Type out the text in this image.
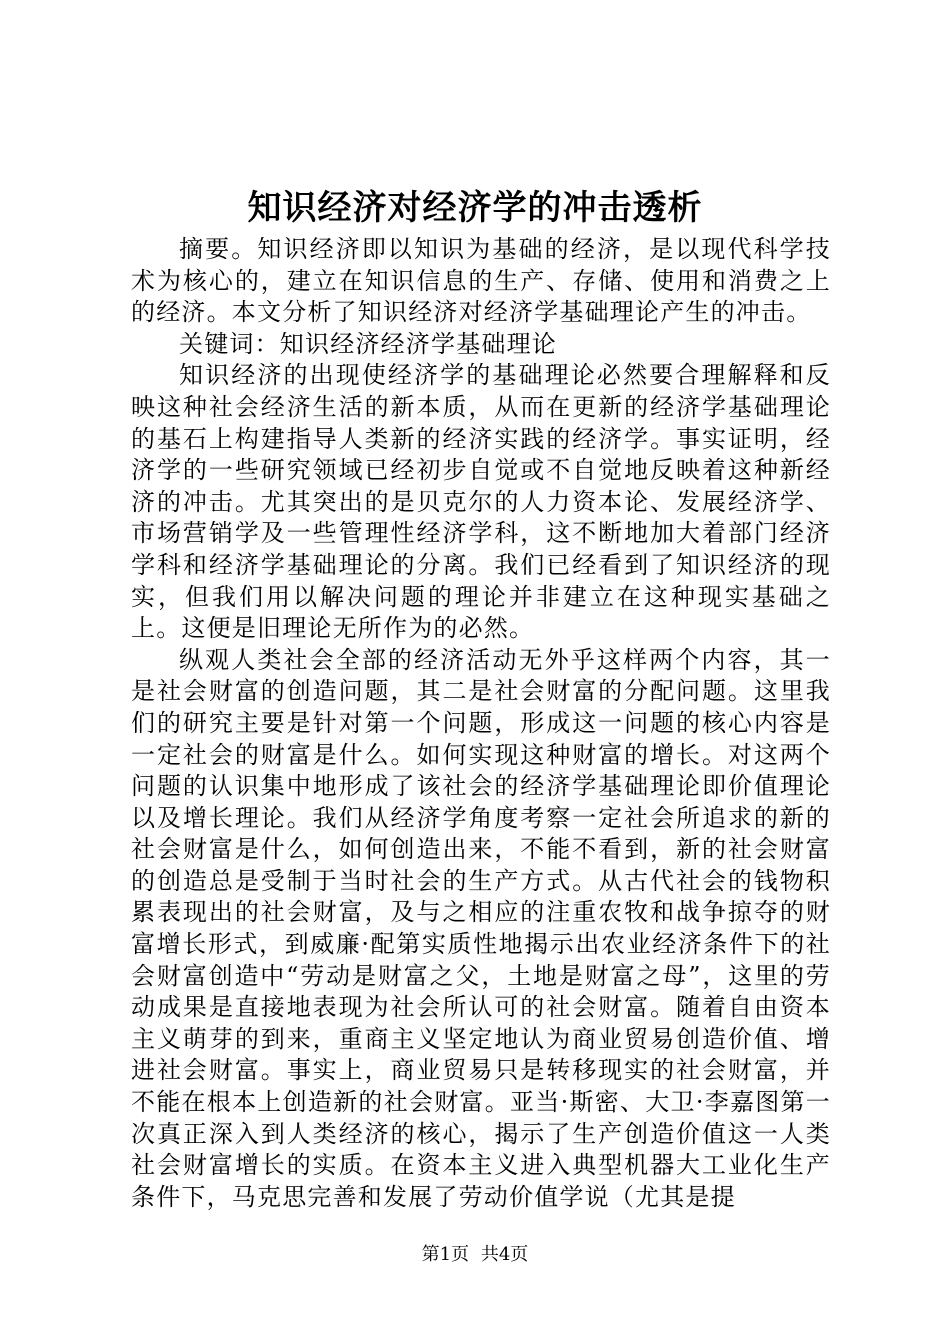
知识经济对经济学的冲击透析

摘要。知识经济即以知识为基础的经济，是以现代科学技术为核心的，建立在知识信息的生产、存储、使用和消费之上的经济。本文分析了知识经济对经济学基础理论产生的冲击。

关键词：知识经济经济学基础理论

知识经济的出现使经济学的基础理论必然要合理解释和反映这种社会经济生活的新本质，从而在更新的经济学基础理论的基石上构建指导人类新的经济实践的经济学。事实证明，经济学的一些研究领域已经初步自觉或不自觉地反映着这种新经济的冲击。尤其突出的是贝克尔的人力资本论、发展经济学、市场营销学及一些管理性经济学科，这不断地加大着部门经济学科和经济学基础理论的分离。我们已经看到了知识经济的现实，但我们用以解决问题的理论并非建立在这种现实基础之上。这便是旧理论无所作为的必然。

纵观人类社会全部的经济活动无外乎这样两个内容，其一是社会财富的创造问题，其二是社会财富的分配问题。这里我们的研究主要是针对第一个问题，形成这一问题的核心内容是一定社会的财富是什么。如何实现这种财富的增长。对这两个问题的认识集中地形成了该社会的经济学基础理论即价值理论以及增长理论。我们从经济学角度考察一定社会所追求的新的社会财富是什么，如何创造出来，不能不看到，新的社会财富的创造总是受制于当时社会的生产方式。从古代社会的钱物积累表现出的社会财富，及与之相应的注重农牧和战争掠夺的财富增长形式，到威廉·配第实质性地揭示出农业经济条件下的社会财富创造中“劳动是财富之父，土地是财富之母”，这里的劳动成果是直接地表现为社会所认可的社会财富。随着自由资本主义萌芽的到来，重商主义坚定地认为商业贸易创造价值、增进社会财富。事实上，商业贸易只是转移现实的社会财富，并不能在根本上创造新的社会财富。亚当·斯密、大卫·李嘉图第一次真正深入到人类经济的核心，揭示了生产创造价值这一人类社会财富增长的实质。在资本主义进入典型机器大工业化生产条件下，马克思完善和发展了劳动价值学说（尤其是提

第1页 共4页
